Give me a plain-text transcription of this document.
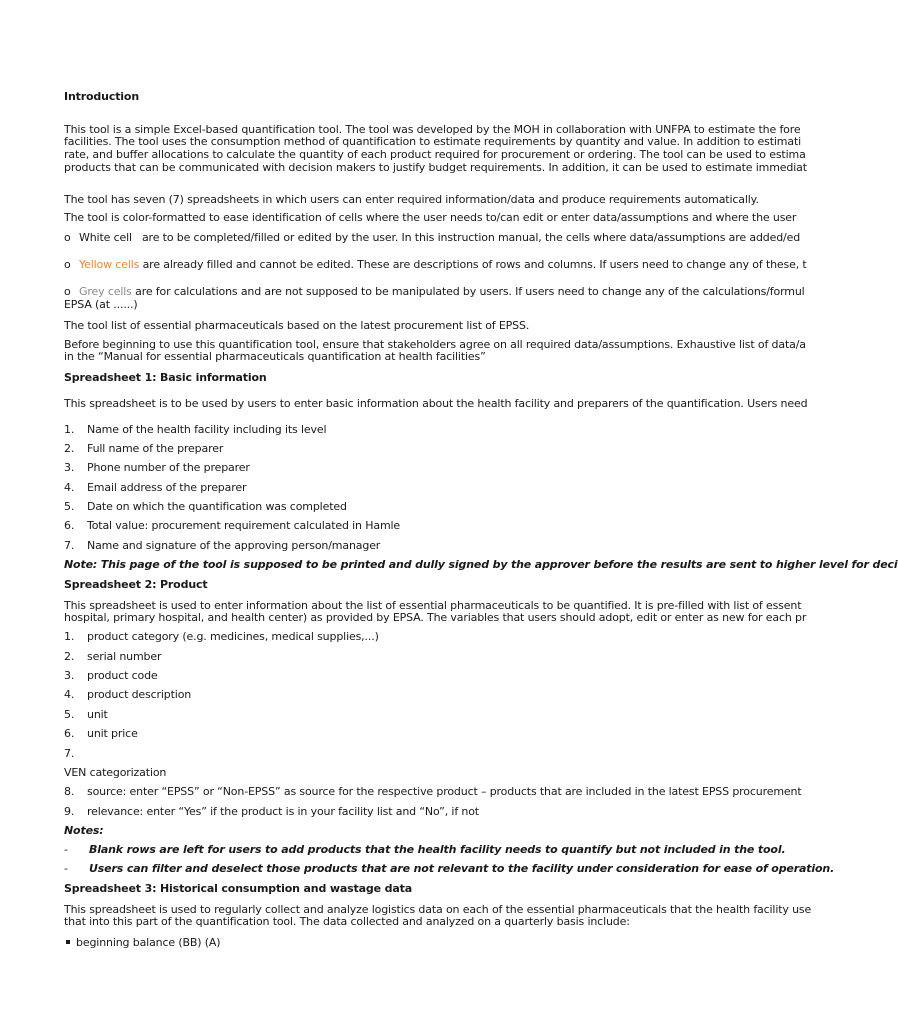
Introduction
This tool is a simple Excel-based quantification tool. The tool was developed by the MOH in collaboration with UNFPA to estimate the fore
facilities. The tool uses the consumption method of quantification to estimate requirements by quantity and value. In addition to estimati
rate, and buffer allocations to calculate the quantity of each product required for procurement or ordering. The tool can be used to estima
products that can be communicated with decision makers to justify budget requirements. In addition, it can be used to estimate immediat
The tool has seven (7) spreadsheets in which users can enter required information/data and produce requirements automatically.
The tool is color-formatted to ease identification of cells where the user needs to/can edit or enter data/assumptions and where the user
o White cell are to be completed/filled or edited by the user. In this instruction manual, the cells where data/assumptions are added/ed
o Yellow cells are already filled and cannot be edited. These are descriptions of rows and columns. If users need to change any of these, t
o Grey cells are for calculations and are not supposed to be manipulated by users. If users need to change any of the calculations/formul
EPSA (at ......)
The tool list of essential pharmaceuticals based on the latest procurement list of EPSS.
Before beginning to use this quantification tool, ensure that stakeholders agree on all required data/assumptions. Exhaustive list of data/a
in the “Manual for essential pharmaceuticals quantification at health facilities”
Spreadsheet 1: Basic information
This spreadsheet is to be used by users to enter basic information about the health facility and preparers of the quantification. Users need
1. Name of the health facility including its level
2. Full name of the preparer
3. Phone number of the preparer
4. Email address of the preparer
5. Date on which the quantification was completed
6. Total value: procurement requirement calculated in Hamle
7. Name and signature of the approving person/manager
Note: This page of the tool is supposed to be printed and dully signed by the approver before the results are sent to higher level for deci
Spreadsheet 2: Product
This spreadsheet is used to enter information about the list of essential pharmaceuticals to be quantified. It is pre-filled with list of essent
hospital, primary hospital, and health center) as provided by EPSA. The variables that users should adopt, edit or enter as new for each pr
1. product category (e.g. medicines, medical supplies,...)
2. serial number
3. product code
4. product description
5. unit
6. unit price
7.
VEN categorization
8. source: enter “EPSS” or “Non-EPSS” as source for the respective product – products that are included in the latest EPSS procurement
9. relevance: enter “Yes” if the product is in your facility list and “No”, if not
Notes:
- Blank rows are left for users to add products that the health facility needs to quantify but not included in the tool.
- Users can filter and deselect those products that are not relevant to the facility under consideration for ease of operation.
Spreadsheet 3: Historical consumption and wastage data
This spreadsheet is used to regularly collect and analyze logistics data on each of the essential pharmaceuticals that the health facility use
that into this part of the quantification tool. The data collected and analyzed on a quarterly basis include:
beginning balance (BB) (A)
